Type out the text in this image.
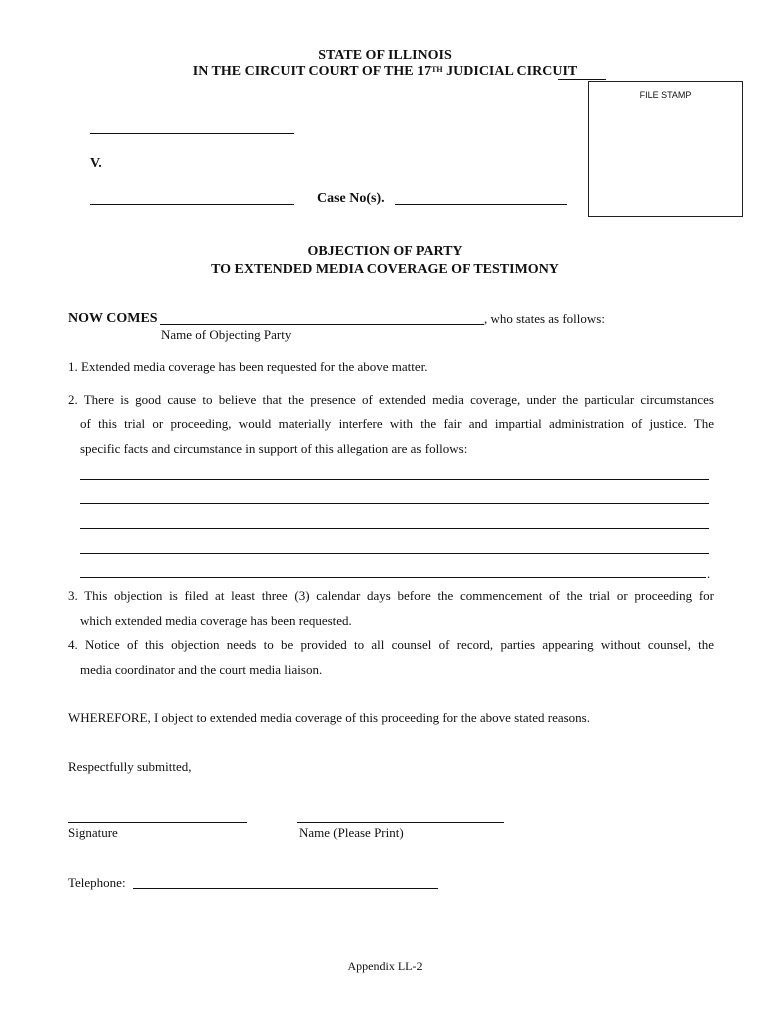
STATE OF ILLINOIS
IN THE CIRCUIT COURT OF THE 17TH JUDICIAL CIRCUIT
FILE STAMP
V.
Case No(s).
OBJECTION OF PARTY
TO EXTENDED MEDIA COVERAGE OF TESTIMONY
NOW COMES	, who states as follows:
Name of Objecting Party
1. Extended media coverage has been requested for the above matter.
2. There is good cause to believe that the presence of extended media coverage, under the particular circumstances
of this trial or proceeding, would materially interfere with the fair and impartial administration of justice. The
specific facts and circumstance in support of this allegation are as follows:
.
3. This objection is filed at least three (3) calendar days before the commencement of the trial or proceeding for
which extended media coverage has been requested.
4. Notice of this objection needs to be provided to all counsel of record, parties appearing without counsel, the
media coordinator and the court media liaison.
WHEREFORE, I object to extended media coverage of this proceeding for the above stated reasons.
Respectfully submitted,
Signature	Name (Please Print)
Telephone:
Appendix LL-2
